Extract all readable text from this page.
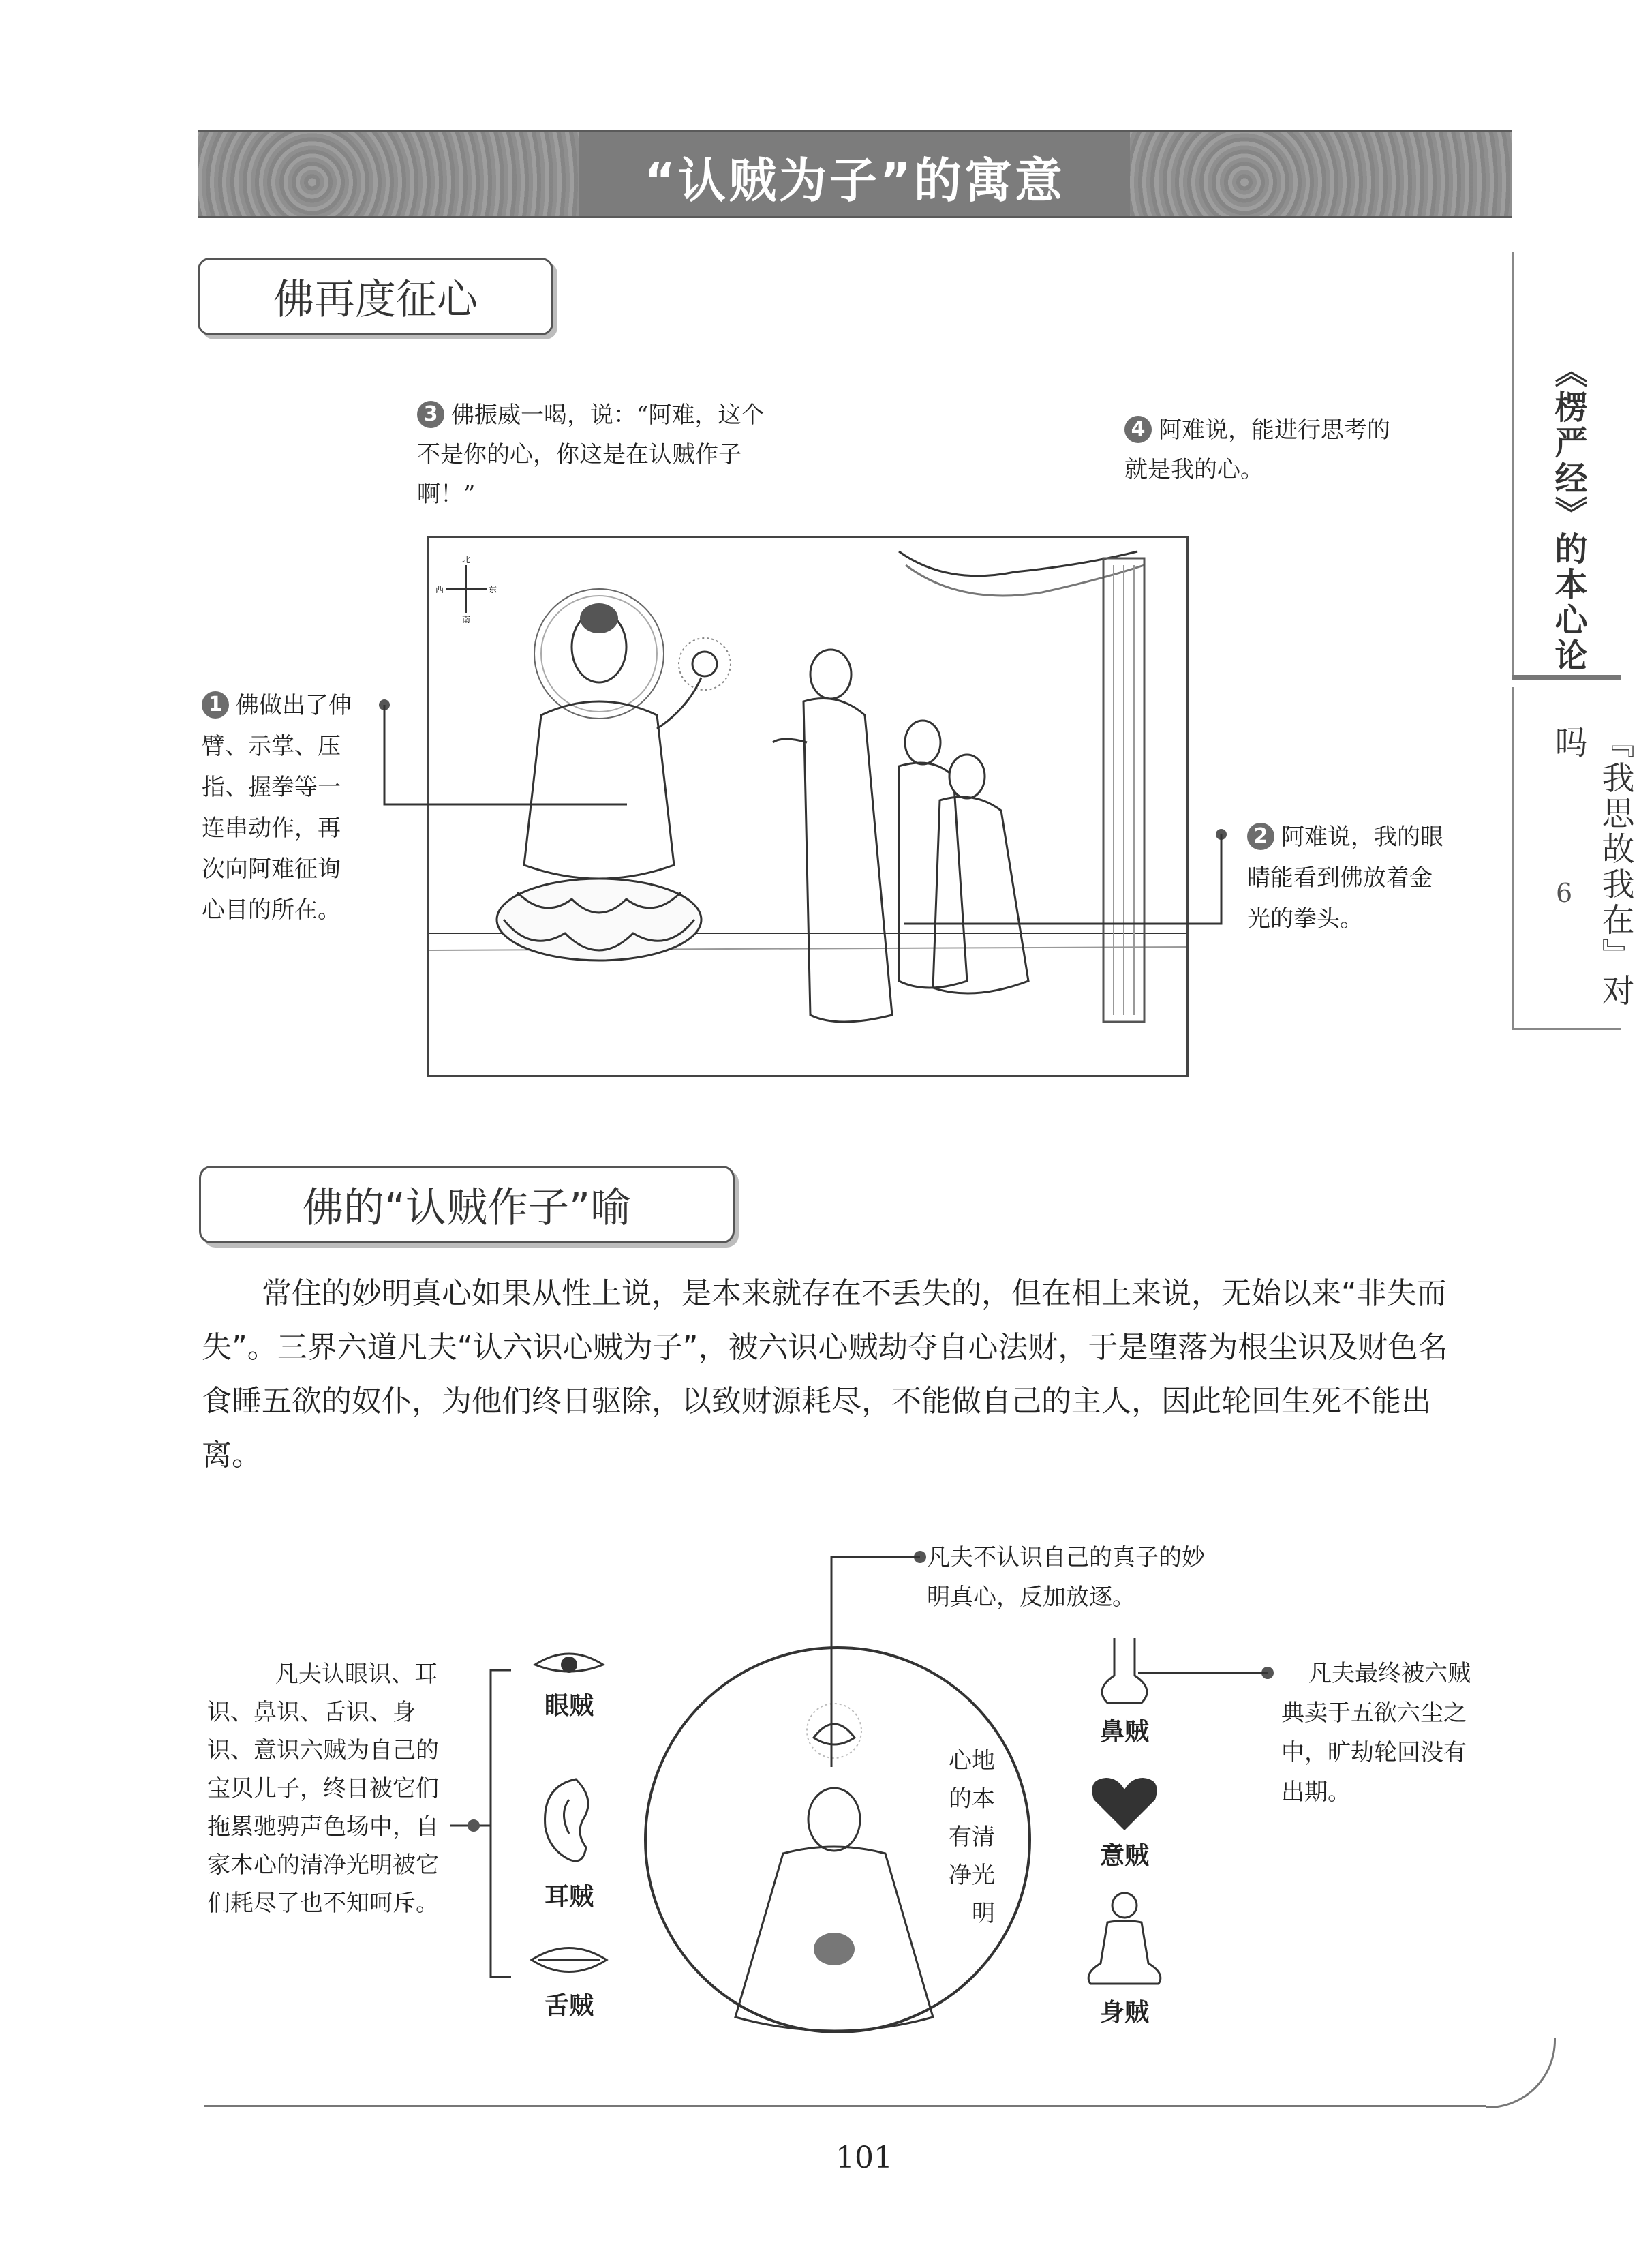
“认贼为子”的寓意
《楞严经》的本心论
6 『我思故我在』对吗
佛再度征心
3 佛振威一喝，说：“阿难，这个不是你的心，你这是在认贼作子啊！”
4 阿难说，能进行思考的就是我的心。
北
南
西	东
1 佛做出了伸臂、示掌、压指、握拳等一连串动作，再次向阿难征询心目的所在。
2 阿难说，我的眼睛能看到佛放着金光的拳头。
佛的“认贼作子”喻
常住的妙明真心如果从性上说，是本来就存在不丢失的，但在相上来说，无始以来“非失而失”。三界六道凡夫“认六识心贼为子”，被六识心贼劫夺自心法财，于是堕落为根尘识及财色名食睡五欲的奴仆，为他们终日驱除，以致财源耗尽，不能做自己的主人，因此轮回生死不能出离。
凡夫认眼识、耳识、鼻识、舌识、身识、意识六贼为自己的宝贝儿子，终日被它们拖累驰骋声色场中，自家本心的清净光明被它们耗尽了也不知呵斥。
眼贼
耳贼
舌贼
心地的本有清净光明
凡夫不认识自己的真子的妙明真心，反加放逐。
鼻贼
意贼
身贼
凡夫最终被六贼典卖于五欲六尘之中，旷劫轮回没有出期。
101
